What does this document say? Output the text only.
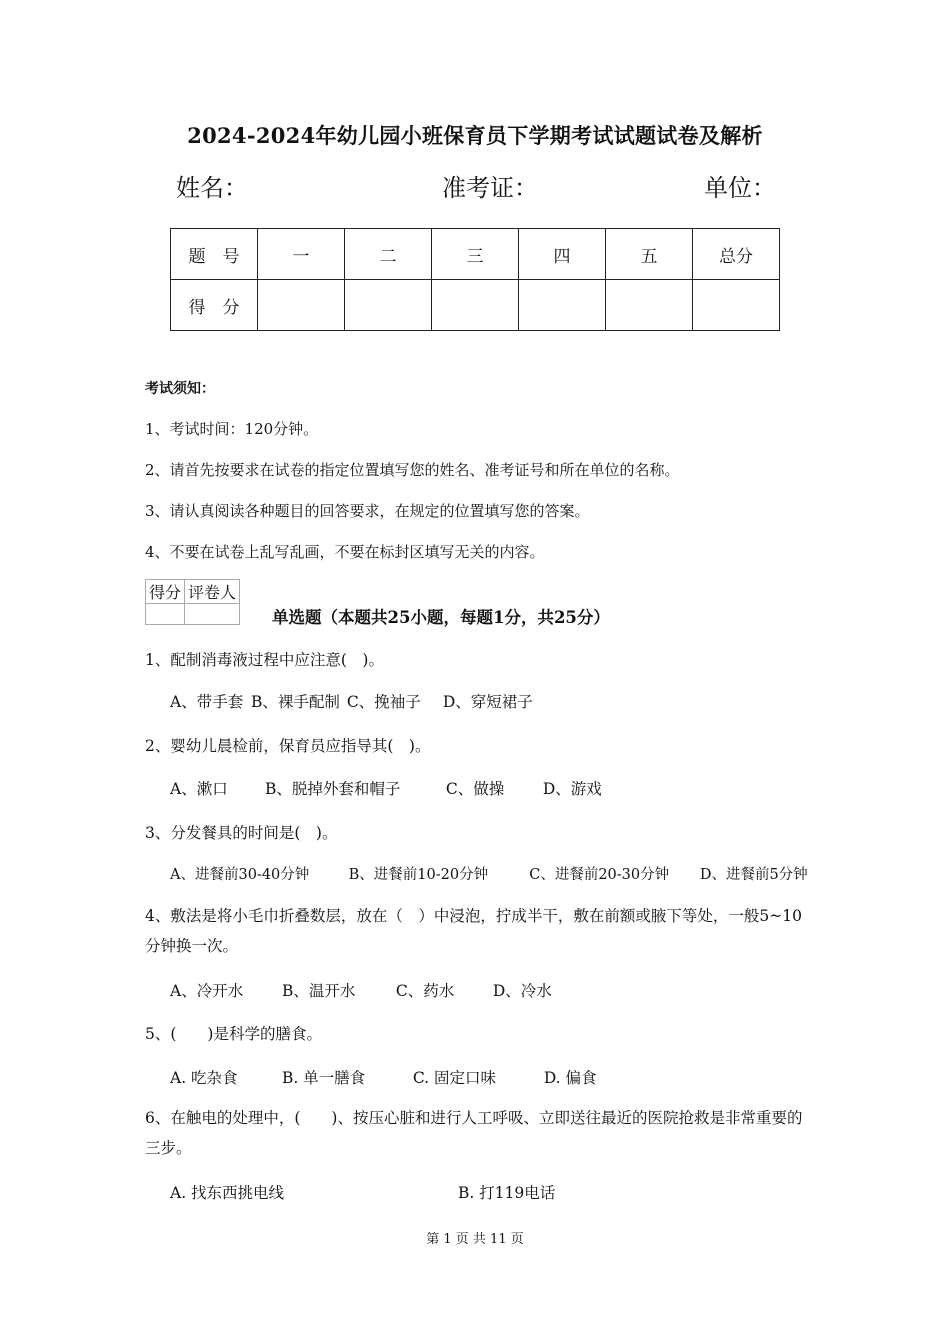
2024-2024年幼儿园小班保育员下学期考试试题试卷及解析
姓名：	准考证：	单位：
题　号	一	二	三	四	五	总分
得　分						
考试须知：
1、考试时间：120分钟。
2、请首先按要求在试卷的指定位置填写您的姓名、准考证号和所在单位的名称。
3、请认真阅读各种题目的回答要求，在规定的位置填写您的答案。
4、不要在试卷上乱写乱画，不要在标封区填写无关的内容。
得分	评卷人

单选题（本题共25小题，每题1分，共25分）
1、配制消毒液过程中应注意(　)。
A、带手套 B、裸手配制 C、挽袖子 D、穿短裙子
2、婴幼儿晨检前，保育员应指导其(　)。
A、漱口 B、脱掉外套和帽子	C、做操 D、游戏
3、分发餐具的时间是(　)。
A、进餐前30-40分钟	B、进餐前10-20分钟	C、进餐前20-30分钟 D、进餐前5分钟
4、敷法是将小毛巾折叠数层，放在（　）中浸泡，拧成半干，敷在前额或腋下等处，一般5~10分钟换一次。
A、冷开水 B、温开水	C、药水 D、冷水
5、(　　)是科学的膳食。
A. 吃杂食	B. 单一膳食	C. 固定口味	D. 偏食
6、在触电的处理中，(　　)、按压心脏和进行人工呼吸、立即送往最近的医院抢救是非常重要的三步。
A. 找东西挑电线	B. 打119电话
第 1 页 共 11 页
